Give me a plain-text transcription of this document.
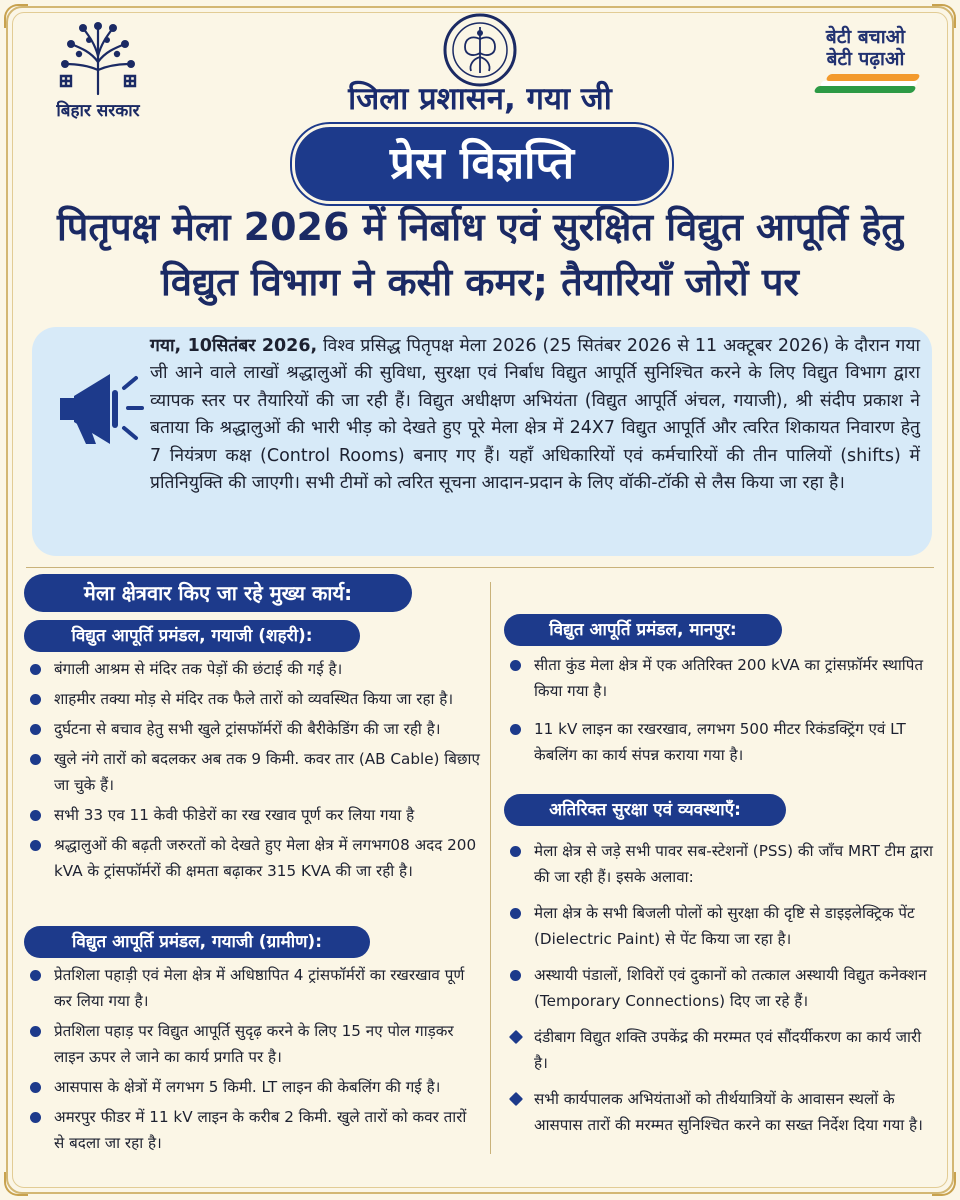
बिहार सरकार
बेटी बचाओ
बेटी पढ़ाओ
जिला प्रशासन, गया जी
प्रेस विज्ञप्ति
पितृपक्ष मेला 2026 में निर्बाध एवं सुरक्षित विद्युत आपूर्ति हेतु
विद्युत विभाग ने कसी कमर; तैयारियाँ जोरों पर
गया, 10सितंबर 2026, विश्व प्रसिद्ध पितृपक्ष मेला 2026 (25 सितंबर 2026 से 11 अक्टूबर 2026) के दौरान गया जी आने वाले लाखों श्रद्धालुओं की सुविधा, सुरक्षा एवं निर्बाध विद्युत आपूर्ति सुनिश्चित करने के लिए विद्युत विभाग द्वारा व्यापक स्तर पर तैयारियों की जा रही हैं। विद्युत अधीक्षण अभियंता (विद्युत आपूर्ति अंचल, गयाजी), श्री संदीप प्रकाश ने बताया कि श्रद्धालुओं की भारी भीड़ को देखते हुए पूरे मेला क्षेत्र में 24X7 विद्युत आपूर्ति और त्वरित शिकायत निवारण हेतु 7 नियंत्रण कक्ष (Control Rooms) बनाए गए हैं। यहाँ अधिकारियों एवं कर्मचारियों की तीन पालियों (shifts) में प्रतिनियुक्ति की जाएगी। सभी टीमों को त्वरित सूचना आदान-प्रदान के लिए वॉकी-टॉकी से लैस किया जा रहा है।
मेला क्षेत्रवार किए जा रहे मुख्य कार्य:
विद्युत आपूर्ति प्रमंडल, गयाजी (शहरी):
बंगाली आश्रम से मंदिर तक पेड़ों की छंटाई की गई है।
शाहमीर तक्या मोड़ से मंदिर तक फैले तारों को व्यवस्थित किया जा रहा है।
दुर्घटना से बचाव हेतु सभी खुले ट्रांसफॉर्मरों की बैरीकेडिंग की जा रही है।
खुले नंगे तारों को बदलकर अब तक 9 किमी. कवर तार (AB Cable) बिछाए जा चुके हैं।
सभी 33 एव 11 केवी फीडेरों का रख रखाव पूर्ण कर लिया गया है
श्रद्धालुओं की बढ़ती जरुरतों को देखते हुए मेला क्षेत्र में लगभग08 अदद 200 kVA के ट्रांसफॉर्मरों की क्षमता बढ़ाकर 315 KVA की जा रही है।
विद्युत आपूर्ति प्रमंडल, गयाजी (ग्रामीण):
प्रेतशिला पहाड़ी एवं मेला क्षेत्र में अधिष्ठापित 4 ट्रांसफॉर्मरों का रखरखाव पूर्ण कर लिया गया है।
प्रेतशिला पहाड़ पर विद्युत आपूर्ति सुदृढ़ करने के लिए 15 नए पोल गाड़कर लाइन ऊपर ले जाने का कार्य प्रगति पर है।
आसपास के क्षेत्रों में लगभग 5 किमी. LT लाइन की केबलिंग की गई है।
अमरपुर फीडर में 11 kV लाइन के करीब 2 किमी. खुले तारों को कवर तारों से बदला जा रहा है।
विद्युत आपूर्ति प्रमंडल, मानपुर:
सीता कुंड मेला क्षेत्र में एक अतिरिक्त 200 kVA का ट्रांसफ़ॉर्मर स्थापित किया गया है।
11 kV लाइन का रखरखाव, लगभग 500 मीटर रिकंडक्ट्रिंग एवं LT केबलिंग का कार्य संपन्न कराया गया है।
अतिरिक्त सुरक्षा एवं व्यवस्थाएँ:
मेला क्षेत्र से जड़े सभी पावर सब-स्टेशनों (PSS) की जाँच MRT टीम द्वारा की जा रही हैं। इसके अलावा:
मेला क्षेत्र के सभी बिजली पोलों को सुरक्षा की दृष्टि से डाइइलेक्ट्रिक पेंट (Dielectric Paint) से पेंट किया जा रहा है।
अस्थायी पंडालों, शिविरों एवं दुकानों को तत्काल अस्थायी विद्युत कनेक्शन (Temporary Connections) दिए जा रहे हैं।
दंडीबाग विद्युत शक्ति उपकेंद्र की मरम्मत एवं सौंदर्यीकरण का कार्य जारी है।
सभी कार्यपालक अभियंताओं को तीर्थयात्रियों के आवासन स्थलों के आसपास तारों की मरम्मत सुनिश्चित करने का सख्त निर्देश दिया गया है।
